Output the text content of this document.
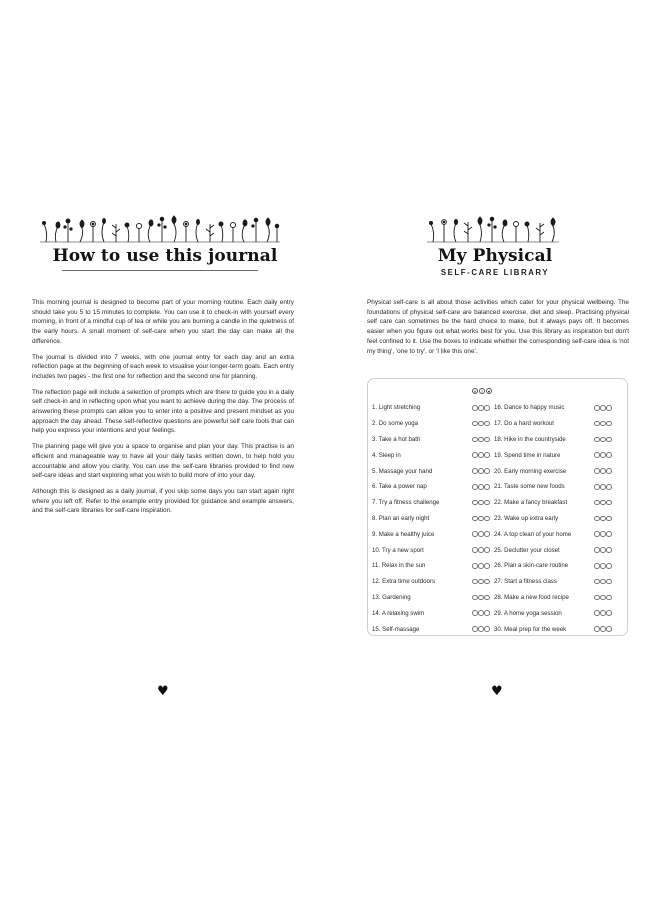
How to use this journal

This morning journal is designed to become part of your morning routine. Each daily entry should take you 5 to 15 minutes to complete. You can use it to check-in with yourself every morning, in front of a mindful cup of tea or while you are burning a candle in the quietness of the early hours. A small moment of self-care when you start the day can make all the difference.

The journal is divided into 7 weeks, with one journal entry for each day and an extra reflection page at the beginning of each week to visualise your longer-term goals. Each entry includes two pages - the first one for reflection and the second one for planning.

The reflection page will include a selection of prompts which are there to guide you in a daily self check-in and in reflecting upon what you want to achieve during the day. The process of answering these prompts can allow you to enter into a positive and present mindset as you approach the day ahead. These self-reflective questions are powerful self care tools that can help you express your intentions and your feelings.

The planning page will give you a space to organise and plan your day. This practise is an efficient and manageable way to have all your daily tasks written down, to help hold you accountable and allow you clarity. You can use the self-care libraries provided to find new self-care ideas and start exploring what you wish to build more of into your day.

Although this is designed as a daily journal, if you skip some days you can start again right where you left off. Refer to the example entry provided for guidance and example answers, and the self-care libraries for self-care inspiration.

♥
My Physical
SELF-CARE LIBRARY

Physical self-care is all about those activities which cater for your physical wellbeing. The foundations of physical self-care are balanced exercise, diet and sleep. Practising physical self care can sometimes be the hard choice to make, but it always pays off. It becomes easier when you figure out what works best for you. Use this library as inspiration but don't feel confined to it. Use the boxes to indicate whether the corresponding self-care idea is 'not my thing', 'one to try', or 'I like this one'.

✕	?	♥
1. Light stretching
2. Do some yoga
3. Take a hot bath
4. Sleep in
5. Massage your hand
6. Take a power nap
7. Try a fitness challenge
8. Plan an early night
9. Make a healthy juice
10. Try a new sport
11. Relax in the sun
12. Extra time outdoors
13. Gardening
14. A relaxing swim
15. Self-massage
16. Dance to happy music
17. Do a hard workout
18. Hike in the countryside
19. Spend time in nature
20. Early morning exercise
21. Taste some new foods
22. Make a fancy breakfast
23. Wake up extra early
24. A top clean of your home
25. Declutter your closet
26. Plan a skin-care routine
27. Start a fitness class
28. Make a new food recipe
29. A home yoga session
30. Meal prep for the week
♥
